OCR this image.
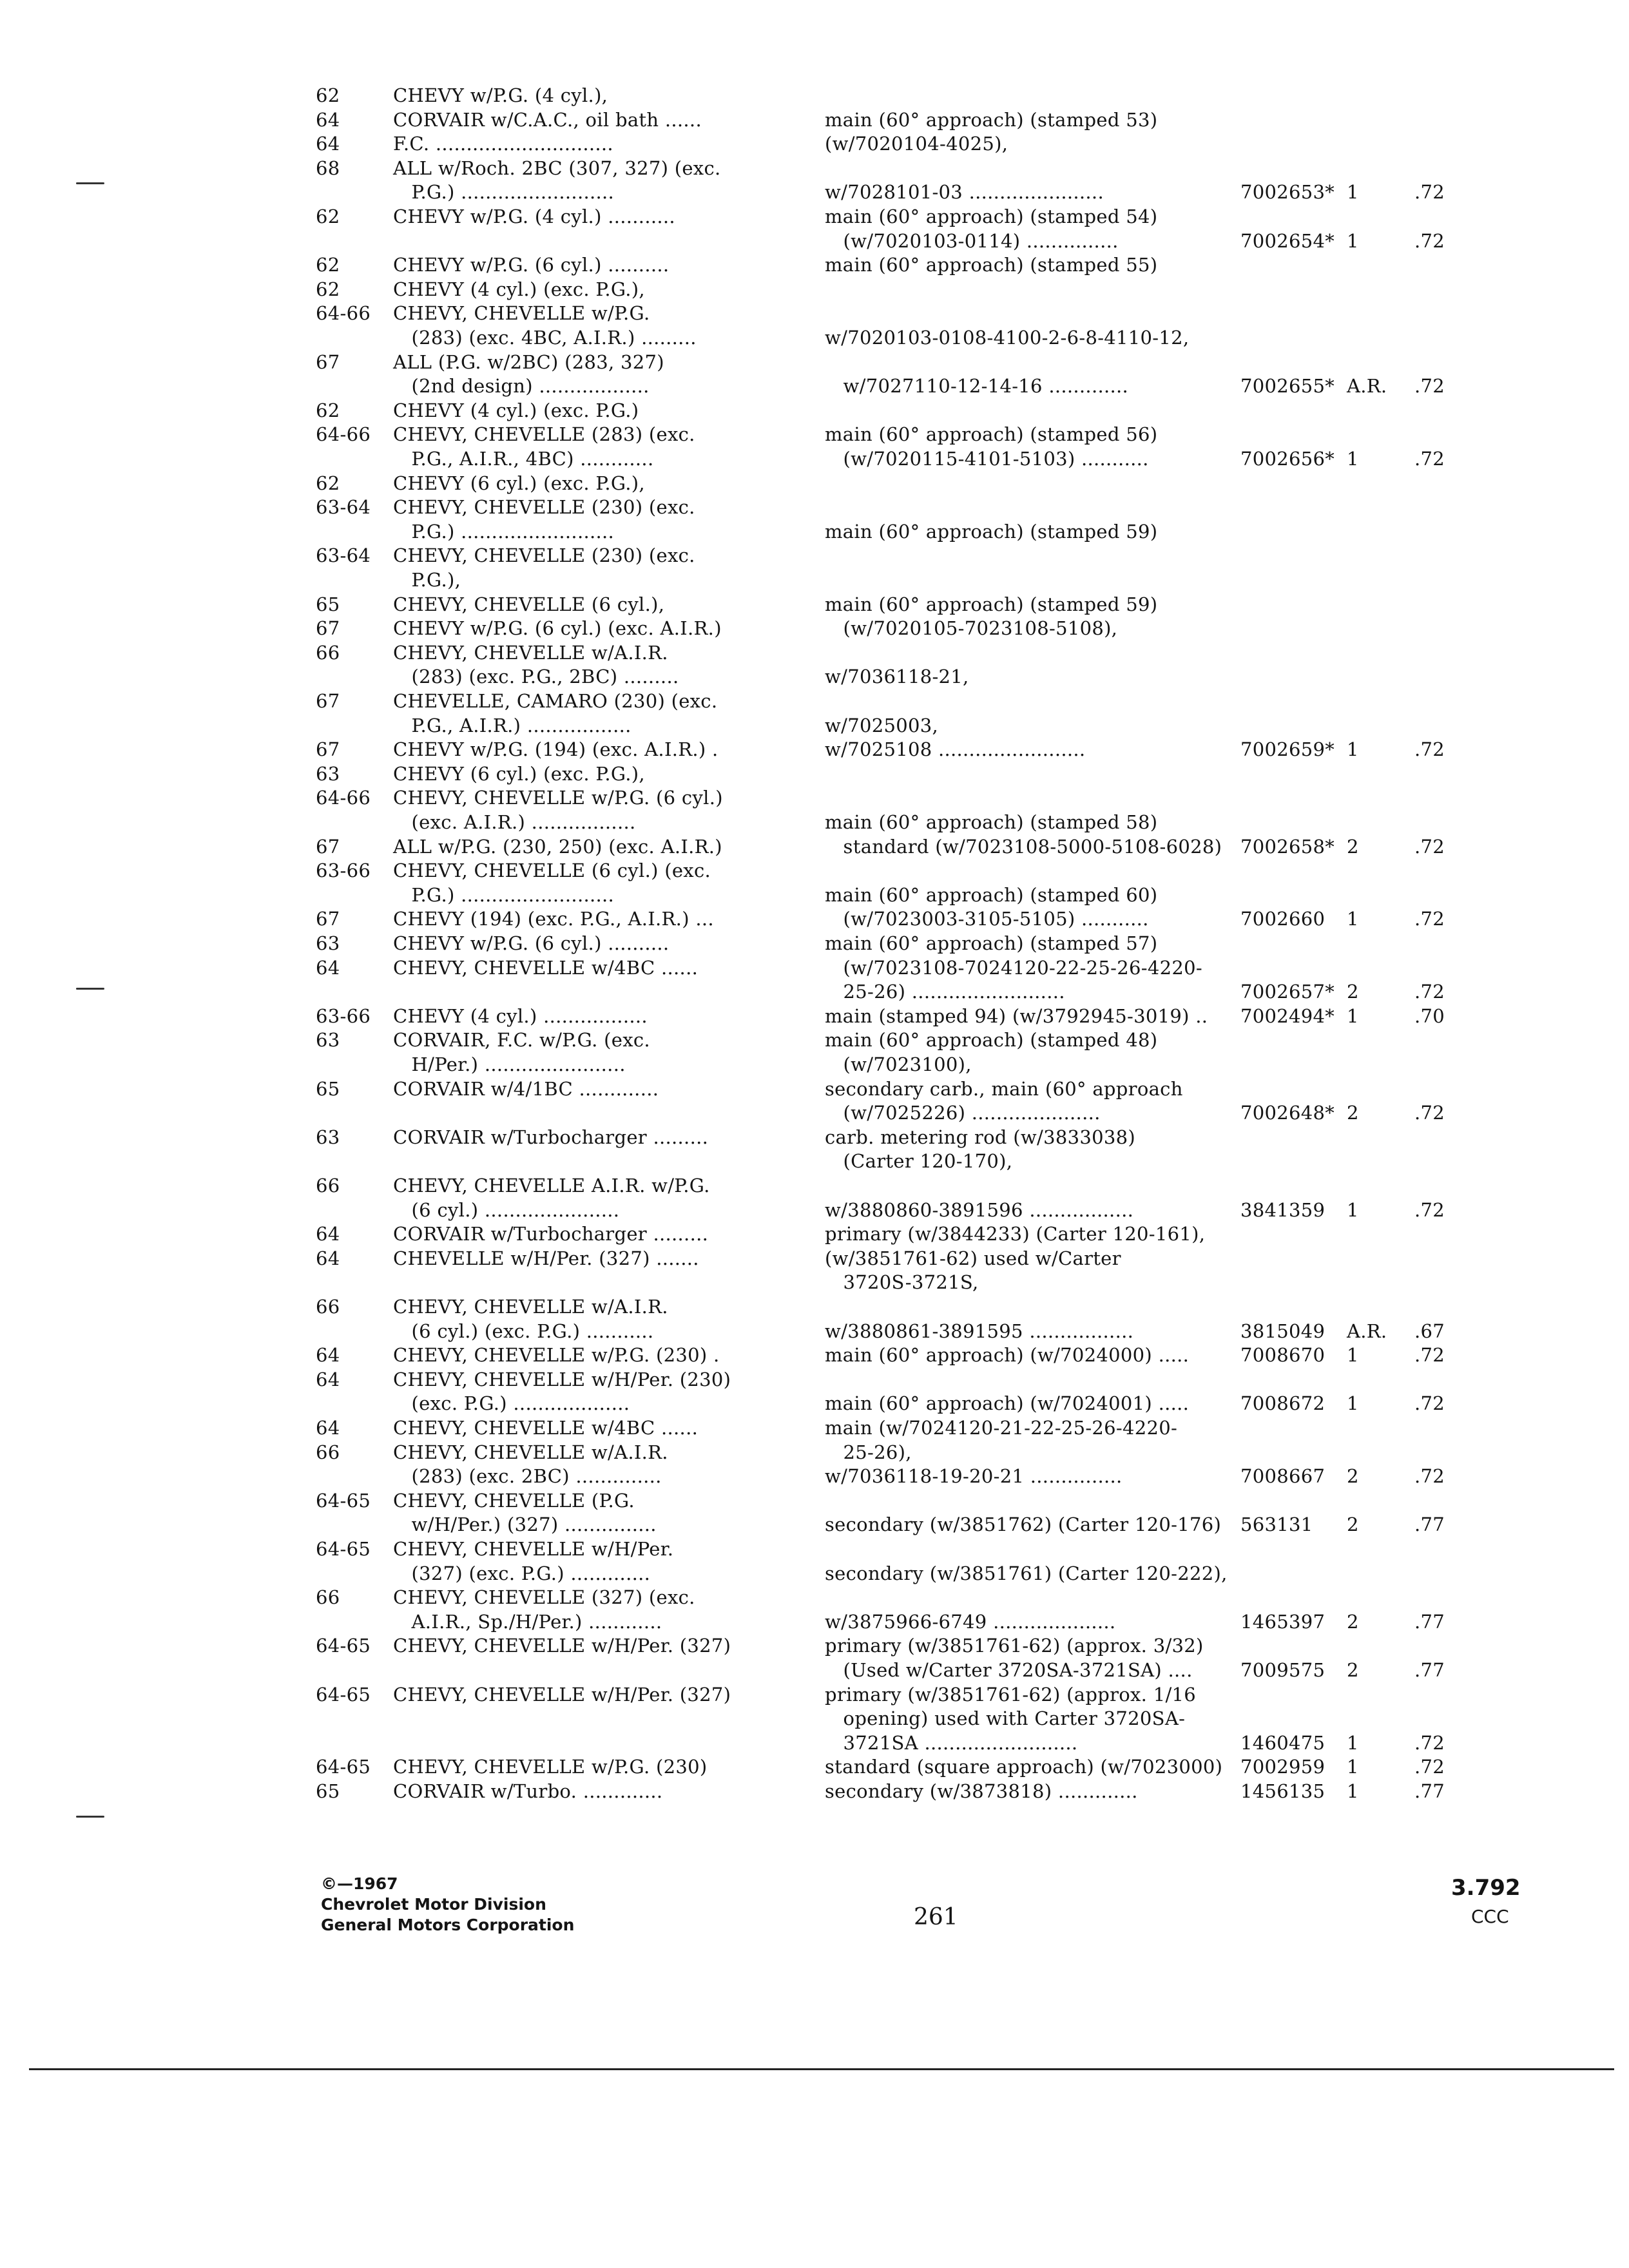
62	CHEVY w/P.G. (4 cyl.),
64	CORVAIR w/C.A.C., oil bath ......	main (60° approach) (stamped 53)
64	F.C. .............................	(w/7020104-4025),
68	ALL w/Roch. 2BC (307, 327) (exc.
P.G.) .........................	w/7028101-03 ......................	7002653* 1	.72
62	CHEVY w/P.G. (4 cyl.) ...........	main (60° approach) (stamped 54)
(w/7020103-0114) ...............	7002654* 1	.72
62	CHEVY w/P.G. (6 cyl.) ..........	main (60° approach) (stamped 55)
62	CHEVY (4 cyl.) (exc. P.G.),
64-66 CHEVY, CHEVELLE w/P.G.
(283) (exc. 4BC, A.I.R.) .........	w/7020103-0108-4100-2-6-8-4110-12,
67	ALL (P.G. w/2BC) (283, 327)
(2nd design) ..................	w/7027110-12-14-16 .............	7002655* A.R. .72
62	CHEVY (4 cyl.) (exc. P.G.)
64-66 CHEVY, CHEVELLE (283) (exc.	main (60° approach) (stamped 56)
P.G., A.I.R., 4BC) ............	(w/7020115-4101-5103) ...........	7002656* 1	.72
62	CHEVY (6 cyl.) (exc. P.G.),
63-64 CHEVY, CHEVELLE (230) (exc.
P.G.) .........................	main (60° approach) (stamped 59)
63-64 CHEVY, CHEVELLE (230) (exc.
P.G.),
65	CHEVY, CHEVELLE (6 cyl.),	main (60° approach) (stamped 59)
67	CHEVY w/P.G. (6 cyl.) (exc. A.I.R.)	(w/7020105-7023108-5108),
66	CHEVY, CHEVELLE w/A.I.R.
(283) (exc. P.G., 2BC) .........	w/7036118-21,
67	CHEVELLE, CAMARO (230) (exc.
P.G., A.I.R.) .................	w/7025003,
67	CHEVY w/P.G. (194) (exc. A.I.R.) .	w/7025108 ........................	7002659* 1	.72
63	CHEVY (6 cyl.) (exc. P.G.),
64-66 CHEVY, CHEVELLE w/P.G. (6 cyl.)
(exc. A.I.R.) .................	main (60° approach) (stamped 58)
67	ALL w/P.G. (230, 250) (exc. A.I.R.)	standard (w/7023108-5000-5108-6028) 7002658* 2	.72
63-66 CHEVY, CHEVELLE (6 cyl.) (exc.
P.G.) .........................	main (60° approach) (stamped 60)
67	CHEVY (194) (exc. P.G., A.I.R.) ...	(w/7023003-3105-5105) ...........	7002660 1	.72
63	CHEVY w/P.G. (6 cyl.) ..........	main (60° approach) (stamped 57)
64	CHEVY, CHEVELLE w/4BC ......	(w/7023108-7024120-22-25-26-4220-
25-26) .........................	7002657* 2	.72
63-66 CHEVY (4 cyl.) .................	main (stamped 94) (w/3792945-3019) .. 7002494* 1	.70
63	CORVAIR, F.C. w/P.G. (exc.	main (60° approach) (stamped 48)
H/Per.) .......................	(w/7023100),
65	CORVAIR w/4/1BC .............	secondary carb., main (60° approach
(w/7025226) .....................	7002648* 2	.72
63	CORVAIR w/Turbocharger .........	carb. metering rod (w/3833038)
(Carter 120-170),
66	CHEVY, CHEVELLE A.I.R. w/P.G.
(6 cyl.) ......................	w/3880860-3891596 .................	3841359 1	.72
64	CORVAIR w/Turbocharger .........	primary (w/3844233) (Carter 120-161),
64	CHEVELLE w/H/Per. (327) .......	(w/3851761-62) used w/Carter
3720S-3721S,
66	CHEVY, CHEVELLE w/A.I.R.
(6 cyl.) (exc. P.G.) ...........	w/3880861-3891595 .................	3815049 A.R. .67
64	CHEVY, CHEVELLE w/P.G. (230) .	main (60° approach) (w/7024000) .....	7008670 1	.72
64	CHEVY, CHEVELLE w/H/Per. (230)
(exc. P.G.) ...................	main (60° approach) (w/7024001) .....	7008672 1	.72
64	CHEVY, CHEVELLE w/4BC ......	main (w/7024120-21-22-25-26-4220-
66	CHEVY, CHEVELLE w/A.I.R.	25-26),
(283) (exc. 2BC) ..............	w/7036118-19-20-21 ...............	7008667 2	.72
64-65 CHEVY, CHEVELLE (P.G.
w/H/Per.) (327) ...............	secondary (w/3851762) (Carter 120-176) 563131 2	.77
64-65 CHEVY, CHEVELLE w/H/Per.
(327) (exc. P.G.) .............	secondary (w/3851761) (Carter 120-222),
66	CHEVY, CHEVELLE (327) (exc.
A.I.R., Sp./H/Per.) ............	w/3875966-6749 ....................	1465397 2	.77
64-65 CHEVY, CHEVELLE w/H/Per. (327)	primary (w/3851761-62) (approx. 3/32)
(Used w/Carter 3720SA-3721SA) ....	7009575 2	.77
64-65 CHEVY, CHEVELLE w/H/Per. (327)	primary (w/3851761-62) (approx. 1/16
opening) used with Carter 3720SA-
3721SA .........................	1460475 1	.72
64-65 CHEVY, CHEVELLE w/P.G. (230)	standard (square approach) (w/7023000) 7002959 1	.72
65	CORVAIR w/Turbo. .............	secondary (w/3873818) .............	1456135 1	.77
©—1967
Chevrolet Motor Division
General Motors Corporation	261
3.792
CCC
